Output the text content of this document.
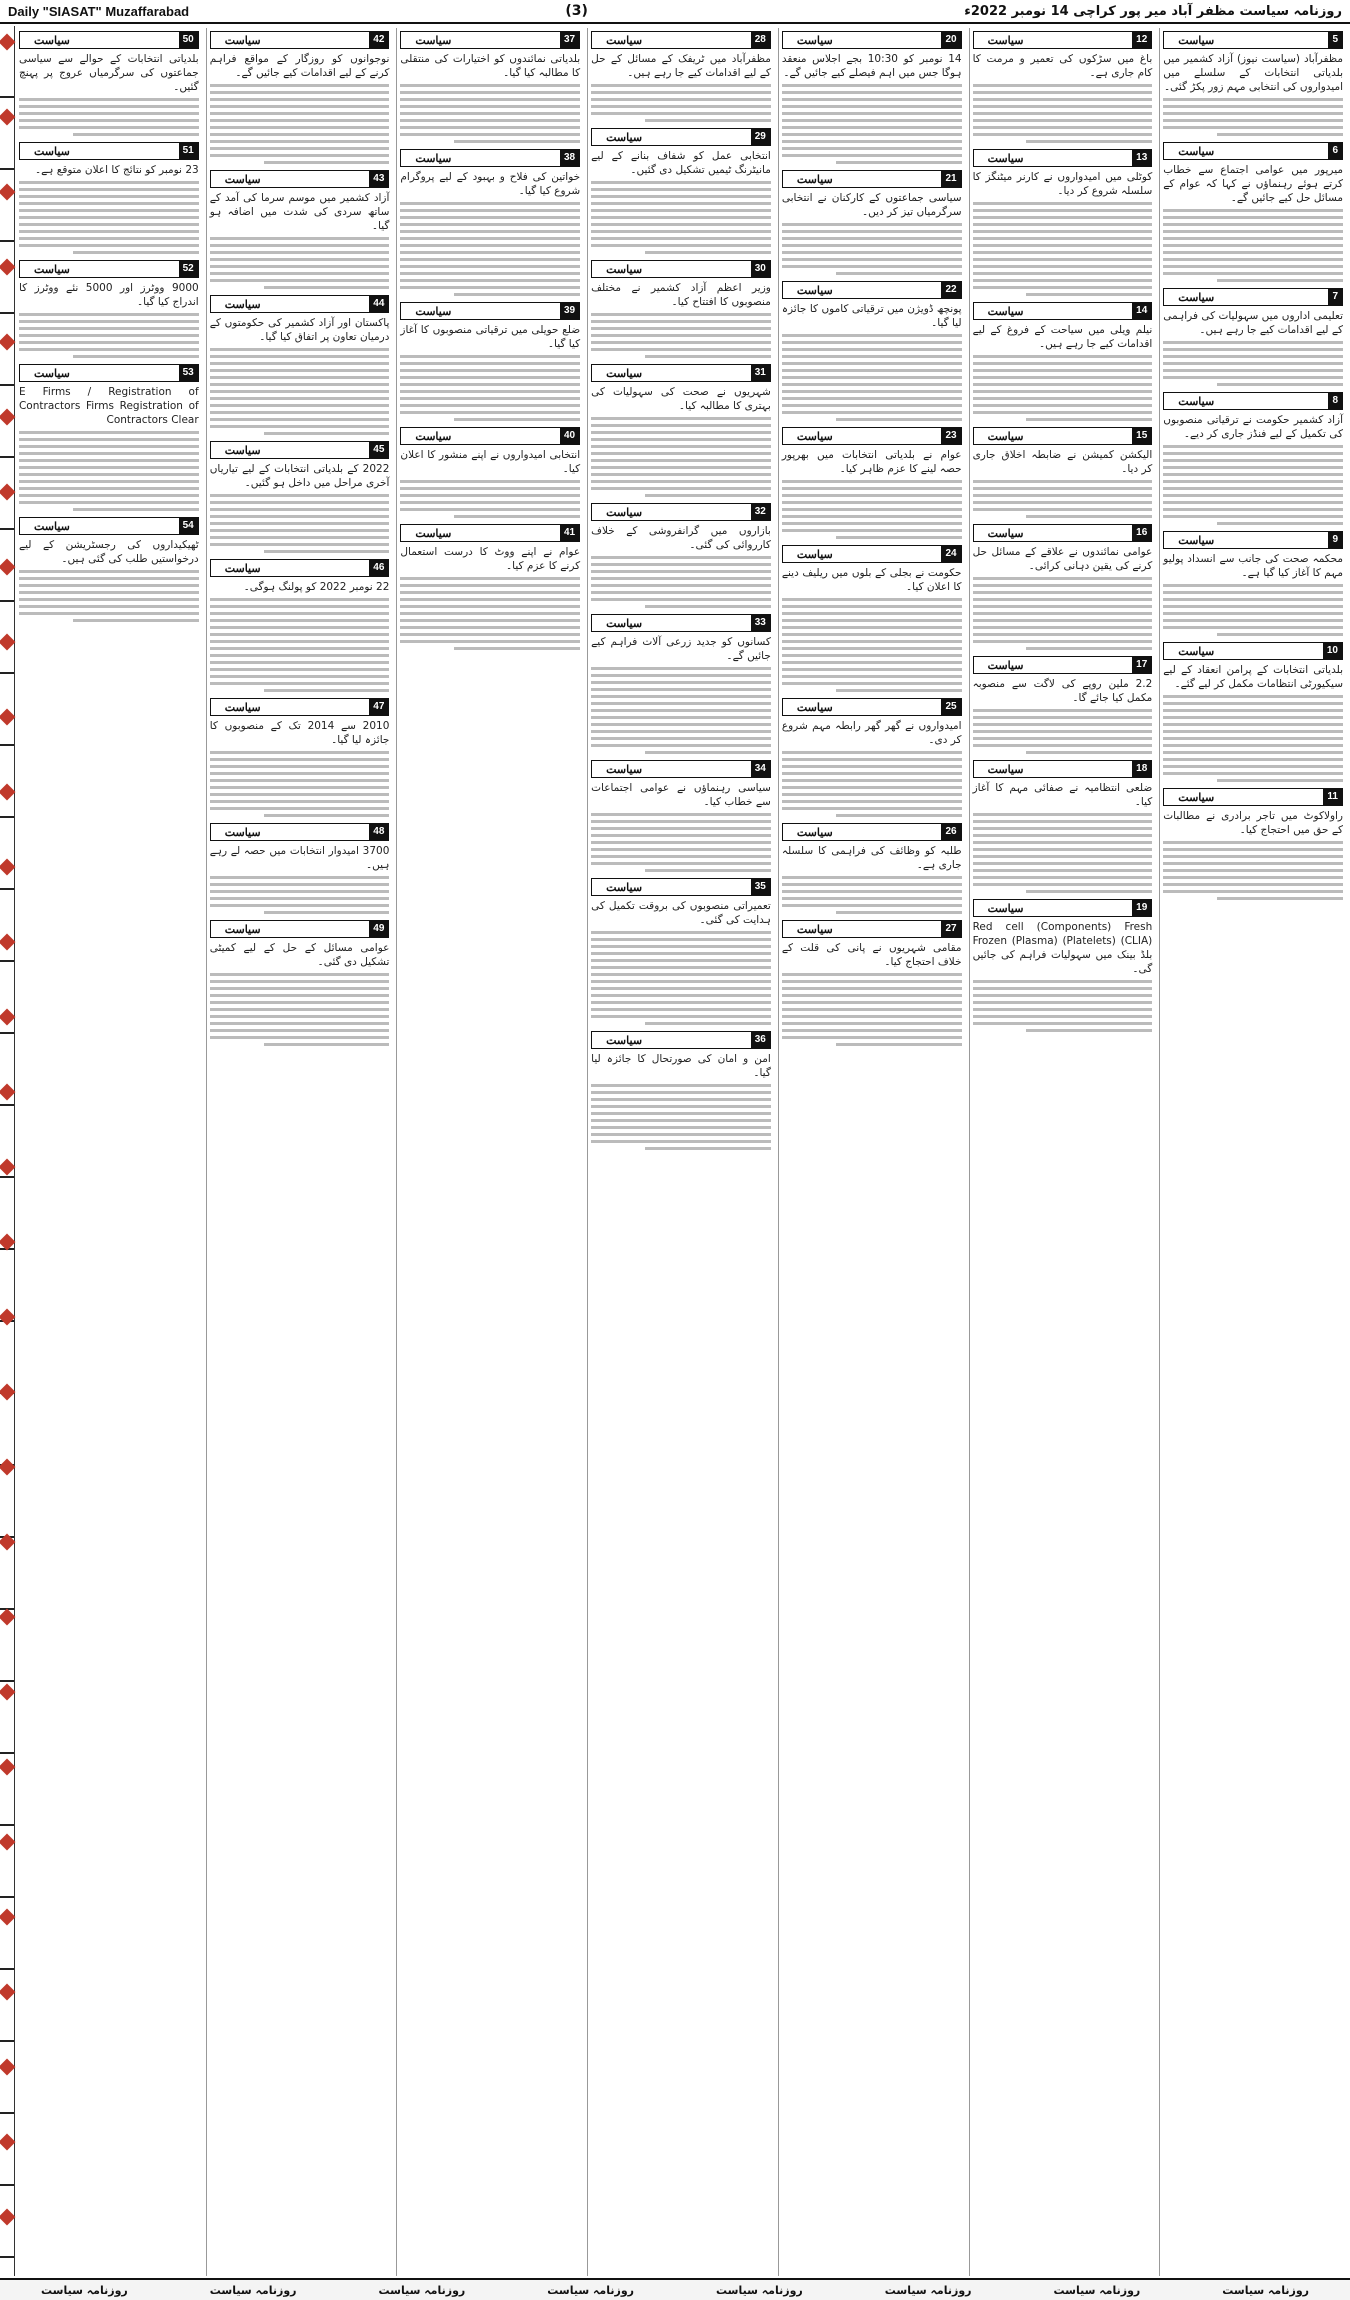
Daily "SIASAT" Muzaffarabad	(3)	روزنامہ سیاست مظفر آباد میر پور کراچی 14 نومبر 2022ء
5
سیاست
مظفرآباد (سیاست نیوز) آزاد کشمیر میں بلدیاتی انتخابات کے سلسلے میں امیدواروں کی انتخابی مہم زور پکڑ گئی۔
6
سیاست
میرپور میں عوامی اجتماع سے خطاب کرتے ہوئے رہنماؤں نے کہا کہ عوام کے مسائل حل کیے جائیں گے۔
7
سیاست
تعلیمی اداروں میں سہولیات کی فراہمی کے لیے اقدامات کیے جا رہے ہیں۔
8
سیاست
آزاد کشمیر حکومت نے ترقیاتی منصوبوں کی تکمیل کے لیے فنڈز جاری کر دیے۔
9
سیاست
محکمہ صحت کی جانب سے انسداد پولیو مہم کا آغاز کیا گیا ہے۔
10
سیاست
بلدیاتی انتخابات کے پرامن انعقاد کے لیے سیکیورٹی انتظامات مکمل کر لیے گئے۔
11
سیاست
راولاکوٹ میں تاجر برادری نے مطالبات کے حق میں احتجاج کیا۔
12
سیاست
باغ میں سڑکوں کی تعمیر و مرمت کا کام جاری ہے۔
13
سیاست
کوٹلی میں امیدواروں نے کارنر میٹنگز کا سلسلہ شروع کر دیا۔
14
سیاست
نیلم ویلی میں سیاحت کے فروغ کے لیے اقدامات کیے جا رہے ہیں۔
15
سیاست
الیکشن کمیشن نے ضابطہ اخلاق جاری کر دیا۔
16
سیاست
عوامی نمائندوں نے علاقے کے مسائل حل کرنے کی یقین دہانی کرائی۔
17
سیاست
2.2 ملین روپے کی لاگت سے منصوبہ مکمل کیا جائے گا۔
18
سیاست
ضلعی انتظامیہ نے صفائی مہم کا آغاز کیا۔
19
سیاست
Red cell (Components) Fresh Frozen (Plasma) (Platelets) (CLIA) بلڈ بینک میں سہولیات فراہم کی جائیں گی۔
20
سیاست
14 نومبر کو 10:30 بجے اجلاس منعقد ہوگا جس میں اہم فیصلے کیے جائیں گے۔
21
سیاست
سیاسی جماعتوں کے کارکنان نے انتخابی سرگرمیاں تیز کر دیں۔
22
سیاست
پونچھ ڈویژن میں ترقیاتی کاموں کا جائزہ لیا گیا۔
23
سیاست
عوام نے بلدیاتی انتخابات میں بھرپور حصہ لینے کا عزم ظاہر کیا۔
24
سیاست
حکومت نے بجلی کے بلوں میں ریلیف دینے کا اعلان کیا۔
25
سیاست
امیدواروں نے گھر گھر رابطہ مہم شروع کر دی۔
26
سیاست
طلبہ کو وظائف کی فراہمی کا سلسلہ جاری ہے۔
27
سیاست
مقامی شہریوں نے پانی کی قلت کے خلاف احتجاج کیا۔
28
سیاست
مظفرآباد میں ٹریفک کے مسائل کے حل کے لیے اقدامات کیے جا رہے ہیں۔
29
سیاست
انتخابی عمل کو شفاف بنانے کے لیے مانیٹرنگ ٹیمیں تشکیل دی گئیں۔
30
سیاست
وزیر اعظم آزاد کشمیر نے مختلف منصوبوں کا افتتاح کیا۔
31
سیاست
شہریوں نے صحت کی سہولیات کی بہتری کا مطالبہ کیا۔
32
سیاست
بازاروں میں گرانفروشی کے خلاف کارروائی کی گئی۔
33
سیاست
کسانوں کو جدید زرعی آلات فراہم کیے جائیں گے۔
34
سیاست
سیاسی رہنماؤں نے عوامی اجتماعات سے خطاب کیا۔
35
سیاست
تعمیراتی منصوبوں کی بروقت تکمیل کی ہدایت کی گئی۔
36
سیاست
امن و امان کی صورتحال کا جائزہ لیا گیا۔
37
سیاست
بلدیاتی نمائندوں کو اختیارات کی منتقلی کا مطالبہ کیا گیا۔
38
سیاست
خواتین کی فلاح و بہبود کے لیے پروگرام شروع کیا گیا۔
39
سیاست
ضلع حویلی میں ترقیاتی منصوبوں کا آغاز کیا گیا۔
40
سیاست
انتخابی امیدواروں نے اپنے منشور کا اعلان کیا۔
41
سیاست
عوام نے اپنے ووٹ کا درست استعمال کرنے کا عزم کیا۔
42
سیاست
نوجوانوں کو روزگار کے مواقع فراہم کرنے کے لیے اقدامات کیے جائیں گے۔
43
سیاست
آزاد کشمیر میں موسم سرما کی آمد کے ساتھ سردی کی شدت میں اضافہ ہو گیا۔
44
سیاست
پاکستان اور آزاد کشمیر کی حکومتوں کے درمیان تعاون پر اتفاق کیا گیا۔
45
سیاست
2022 کے بلدیاتی انتخابات کے لیے تیاریاں آخری مراحل میں داخل ہو گئیں۔
46
سیاست
22 نومبر 2022 کو پولنگ ہوگی۔
47
سیاست
2010 سے 2014 تک کے منصوبوں کا جائزہ لیا گیا۔
48
سیاست
3700 امیدوار انتخابات میں حصہ لے رہے ہیں۔
49
سیاست
عوامی مسائل کے حل کے لیے کمیٹی تشکیل دی گئی۔
50
سیاست
بلدیاتی انتخابات کے حوالے سے سیاسی جماعتوں کی سرگرمیاں عروج پر پہنچ گئیں۔
51
سیاست
23 نومبر کو نتائج کا اعلان متوقع ہے۔
52
سیاست
9000 ووٹرز اور 5000 نئے ووٹرز کا اندراج کیا گیا۔
53
سیاست
E Firms / Registration of Contractors Firms Registration of Contractors Clear
54
سیاست
ٹھیکیداروں کی رجسٹریشن کے لیے درخواستیں طلب کی گئی ہیں۔
روزنامہ سیاست
روزنامہ سیاست
روزنامہ سیاست
روزنامہ سیاست
روزنامہ سیاست
روزنامہ سیاست
روزنامہ سیاست
روزنامہ سیاست
